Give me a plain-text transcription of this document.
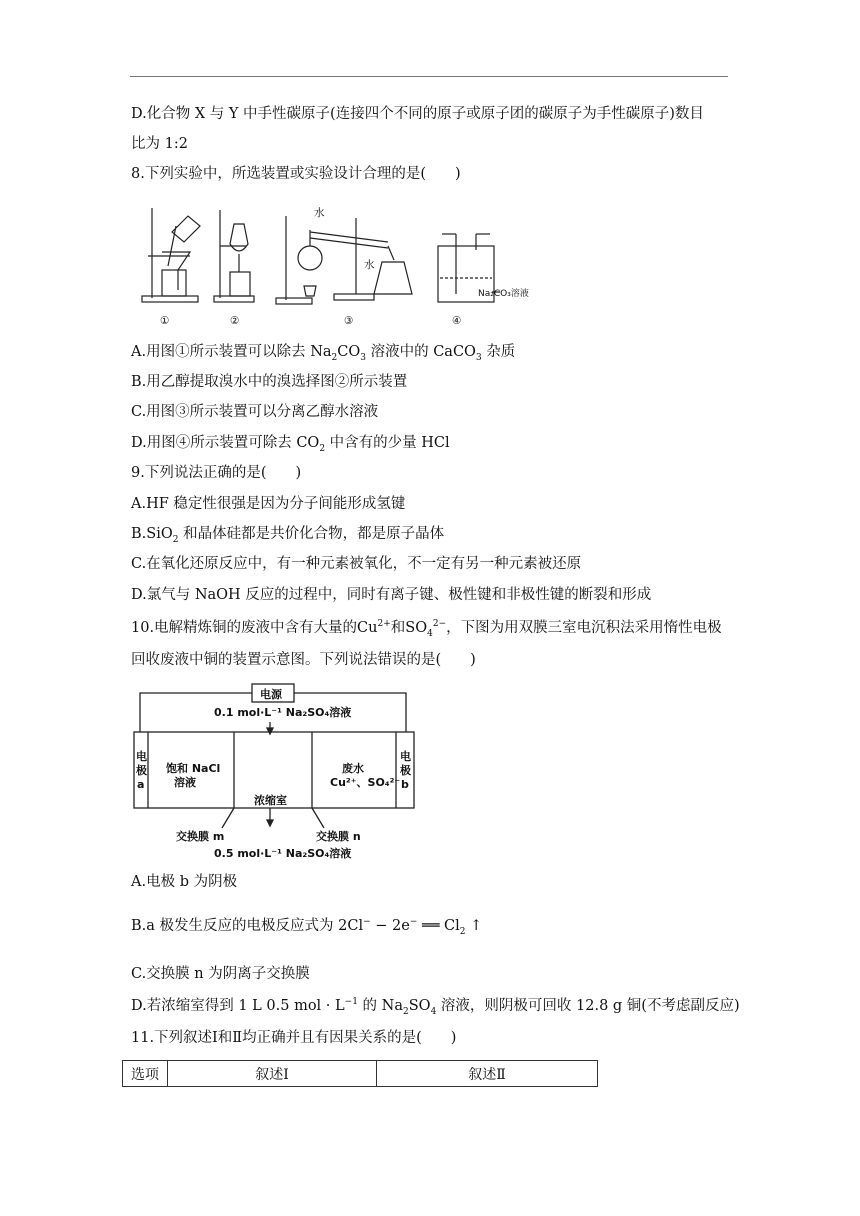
D.化合物 X 与 Y 中手性碳原子(连接四个不同的原子或原子团的碳原子为手性碳原子)数目
比为 1:2
8.下列实验中，所选装置或实验设计合理的是(　　)
水
水
Na₂CO₃溶液
①	②	③	④
A.用图①所示装置可以除去 $Na_2CO_3$ 溶液中的 CaCO$_3$ 杂质
B.用乙醇提取溴水中的溴选择图②所示装置
C.用图③所示装置可以分离乙醇水溶液
D.用图④所示装置可除去 $CO_2$ 中含有的少量 HCl
9.下列说法正确的是(　　)
A.HF 稳定性很强是因为分子间能形成氢键
B.SiO$_2$ 和晶体硅都是共价化合物，都是原子晶体
C.在氧化还原反应中，有一种元素被氧化，不一定有另一种元素被还原
D.氯气与 NaOH 反应的过程中，同时有离子键、极性键和非极性键的断裂和形成
10.电解精炼铜的废液中含有大量的$Cu^{2+}$和$SO_4^{2-}$，下图为用双膜三室电沉积法采用惰性电极
回收废液中铜的装置示意图。下列说法错误的是(　　)
电源
0.1 mol·L⁻¹ Na₂SO₄溶液
电
极
a
电
极
b
饱和 NaCl
溶液
废水
Cu²⁺、SO₄²⁻
浓缩室
交换膜 m	交换膜 n
0.5 mol·L⁻¹ Na₂SO₄溶液
A.电极 b 为阴极
B.a 极发生反应的电极反应式为 2Cl− − 2e− ══ $Cl_2$ ↑
C.交换膜 n 为阴离子交换膜
D.若浓缩室得到 1 L 0.5 mol · $L^{-1}$ 的 $Na_2SO_4$ 溶液，则阴极可回收 12.8 g 铜(不考虑副反应)
11.下列叙述Ⅰ和Ⅱ均正确并且有因果关系的是(　　)
选项	叙述Ⅰ	叙述Ⅱ
